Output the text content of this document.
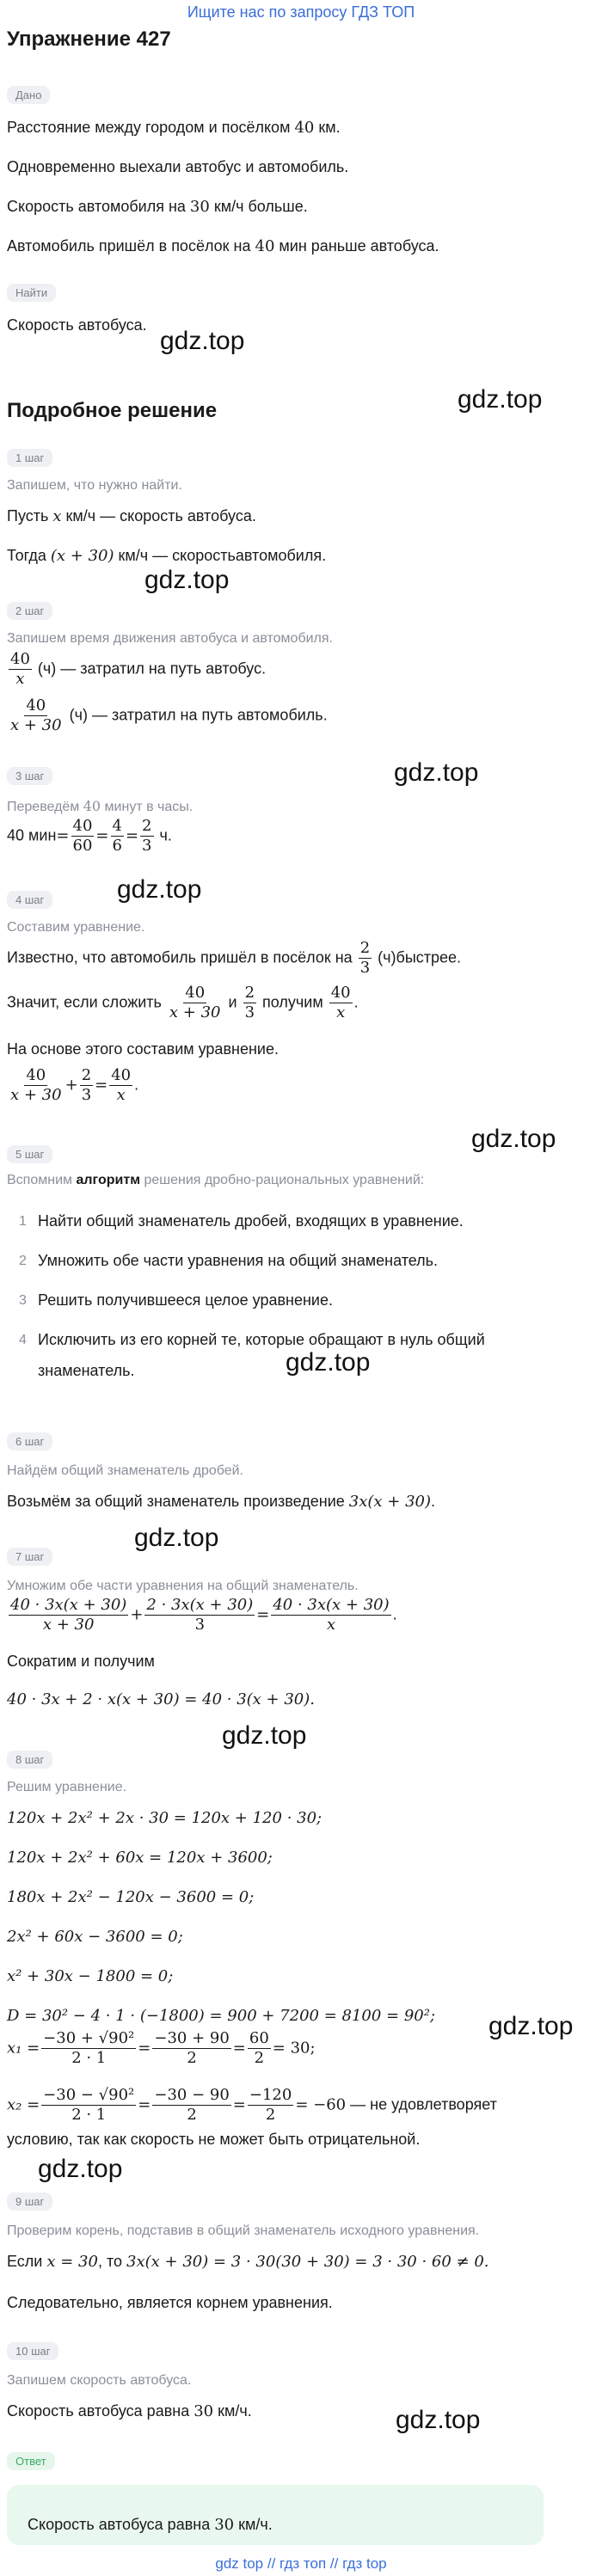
Ищите нас по запросу ГДЗ ТОП
Упражнение 427
Дано
Расстояние между городом и посёлком 40 км.
Одновременно выехали автобус и автомобиль.
Скорость автомобиля на 30 км/ч больше.
Автомобиль пришёл в посёлок на 40 мин раньше автобуса.
Найти
Скорость автобуса.
gdz.top
Подробное решение	gdz.top
1 шаг
Запишем, что нужно найти.
Пусть x км/ч — скорость автобуса.
Тогда (x + 30) км/ч — скоростьавтомобиля.
gdz.top
2 шаг
Запишем время движения автобуса и автомобиля.
$\frac{40}{x} (ч)$ — затратил на путь автобус.
$\frac{40}{x + 30} (ч)$ — затратил на путь автомобиль.
3 шаг	gdz.top
Переведём 40 минут в часы.
40 $мин= \frac{40}{60} = \frac{4}{6} = \frac{2}{3} ч$.
4 шаг	gdz.top
Составим уравнение.
Известно, что автомобиль пришёл в посёлок на $\frac{2}{3}$ (ч)быстрее.
Значит, если сложить $\frac{40}{x + 30}$ и $\frac{2}{3}$ получим $\frac{40}{x}$ .
На основе этого составим уравнение.
$\frac{40}{x + 30} + \frac{2}{3} = \frac{40}{x}$ .
gdz.top
5 шаг
Вспомним алгоритм решения дробно-рациональных уравнений:
1 Найти общий знаменатель дробей, входящих в уравнение.
2 Умножить обе части уравнения на общий знаменатель.
3 Решить получившееся целое уравнение.
4 Исключить из его корней те, которые обращают в нуль общий
знаменатель.	gdz.top
6 шаг
Найдём общий знаменатель дробей.
Возьмём за общий знаменатель произведение 3x(x + 30).
gdz.top
7 шаг
Умножим обе части уравнения на общий знаменатель.
$\frac{40 \cdot 3x(x + 30)}{x + 30} + \frac{2 \cdot 3x(x + 30)}{3} = \frac{40 \cdot 3x(x + 30)}{x}$ .
Сократим и получим
40 · 3x + 2 · x(x + 30) = 40 · 3(x + 30).
gdz.top
8 шаг
Решим уравнение.
120x + 2x² + 2x · 30 = 120x + 120 · 30;
120x + 2x² + 60x = 120x + 3600;
180x + 2x² − 120x − 3600 = 0;
2x² + 60x − 3600 = 0;
x² + 30x − 1800 = 0;
D = 30² − 4 · 1 · (−1800) = 900 + 7200 = 8100 = 90²;
$x_1 = \frac{\text{−30 + √90²}}{2 \cdot 1} = \frac{-30 + 90}{2} = \frac{60}{2} = 30$;
gdz.top
$x_2 = \frac{\text{−30 − √90²}}{2 \cdot 1} = \frac{-30 - 90}{2} = \frac{-120}{2} = -60$ — не удовлетворяет
условию, так как скорость не может быть отрицательной.
gdz.top
9 шаг
Проверим корень, подставив в общий знаменатель исходного уравнения.
Если x = 30, то 3x(x + 30) = 3 · 30(30 + 30) = 3 · 30 · 60 ≠ 0.
Следовательно, является корнем уравнения.
10 шаг
Запишем скорость автобуса.
Скорость автобуса равна 30 км/ч.	gdz.top
Ответ
Скорость автобуса равна 30 км/ч.
gdz top // гдз топ // гдз top
